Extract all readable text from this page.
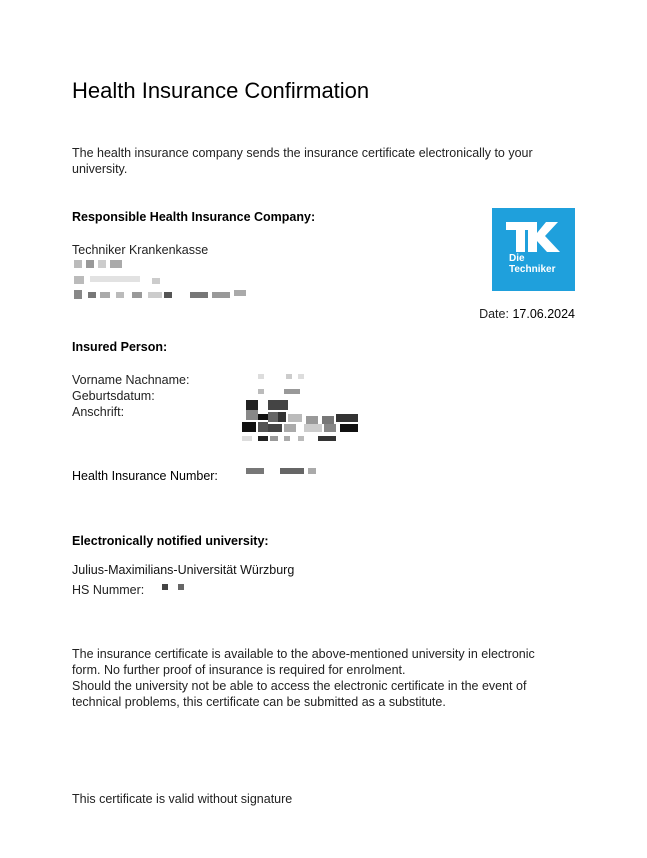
Health Insurance Confirmation
The health insurance company sends the insurance certificate electronically to your university.
Responsible Health Insurance Company:
Techniker Krankenkasse
Die
Techniker
Date: 17.06.2024
Insured Person:
Vorname Nachname:
Geburtsdatum:
Anschrift:
Health Insurance Number:
Electronically notified university:
Julius-Maximilians-Universität Würzburg
HS Nummer:
The insurance certificate is available to the above-mentioned university in electronic form. No further proof of insurance is required for enrolment.
Should the university not be able to access the electronic certificate in the event of technical problems, this certificate can be submitted as a substitute.
This certificate is valid without signature
